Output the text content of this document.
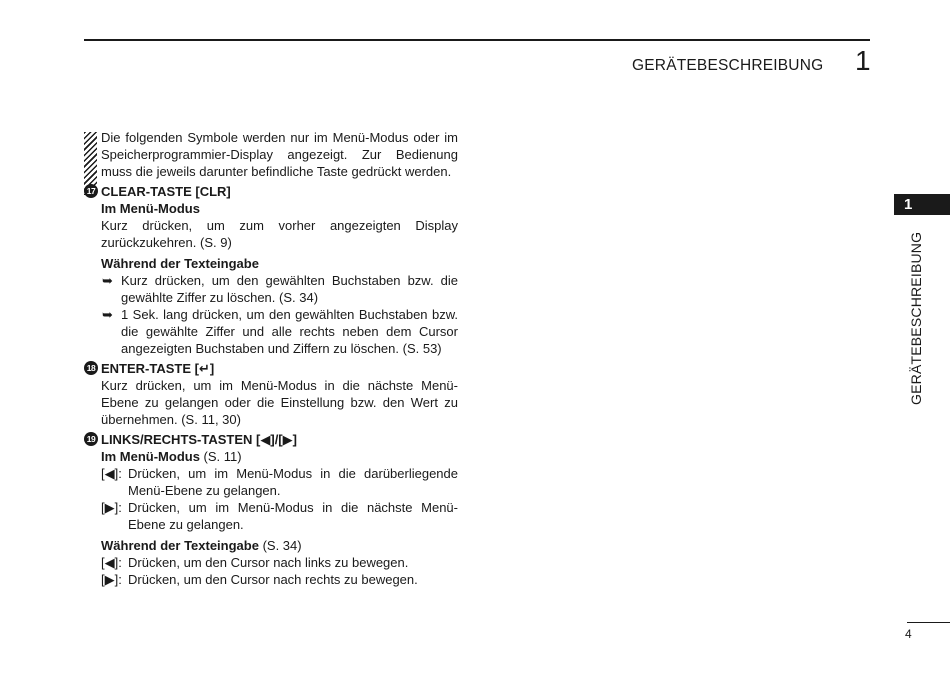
GERÄTEBESCHREIBUNG 1
1
GERÄTEBESCHREIBUNG
4
Die folgenden Symbole werden nur im Menü-Modus oder im Speicherprogrammier-Display angezeigt. Zur Bedienung muss die jeweils darunter befindliche Taste gedrückt werden.
17 CLEAR-TASTE [CLR]
Im Menü-Modus
Kurz drücken, um zum vorher angezeigten Display zurückzukehren. (S. 9)
Während der Texteingabe
➥ Kurz drücken, um den gewählten Buchstaben bzw. die gewählte Ziffer zu löschen. (S. 34)
➥ 1 Sek. lang drücken, um den gewählten Buchstaben bzw. die gewählte Ziffer und alle rechts neben dem Cursor angezeigten Buchstaben und Ziffern zu löschen. (S. 53)
18 ENTER-TASTE [↵]
Kurz drücken, um im Menü-Modus in die nächste Menü-Ebene zu gelangen oder die Einstellung bzw. den Wert zu übernehmen. (S. 11, 30)
19 LINKS/RECHTS-TASTEN [◀]/[▶]
Im Menü-Modus (S. 11)
[◀]: Drücken, um im Menü-Modus in die darüberliegende Menü-Ebene zu gelangen.
[▶]: Drücken, um im Menü-Modus in die nächste Menü-Ebene zu gelangen.
Während der Texteingabe (S. 34)
[◀]: Drücken, um den Cursor nach links zu bewegen.
[▶]: Drücken, um den Cursor nach rechts zu bewegen.
